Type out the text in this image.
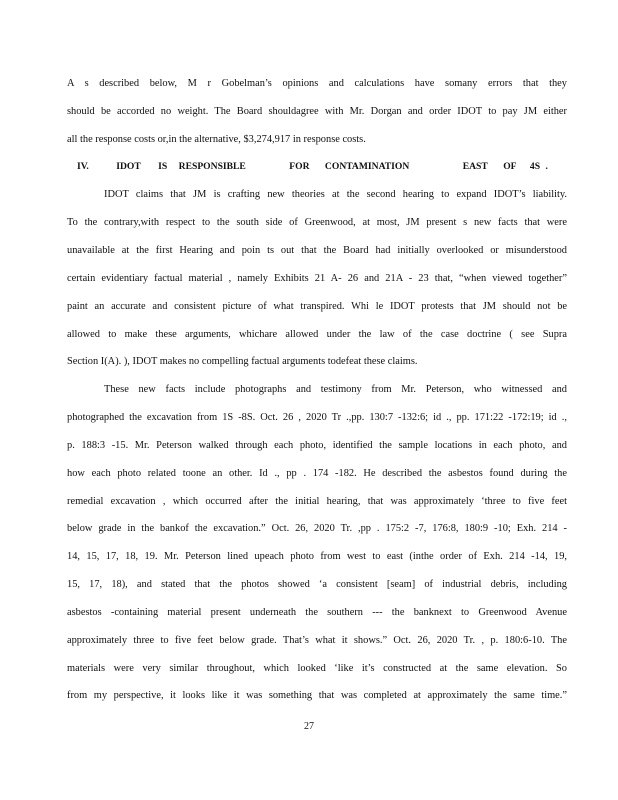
A s described below, M r Gobelman’s opinions and calculations have somany errors that they
should be accorded no weight. The Board shouldagree with Mr. Dorgan and order IDOT to pay JM either
all the response costs or,in the alternative, $3,274,917 in response costs.
IV.	IDOT IS RESPONSIBLE	FOR CONTAMINATION	EAST OF 4S .
IDOT claims that JM is crafting new theories at the second hearing to expand IDOT’s liability.
To the contrary,with respect to the south side of Greenwood, at most, JM present s new facts that were
unavailable at the first Hearing and poin ts out that the Board had initially overlooked or misunderstood
certain evidentiary factual material , namely Exhibits 21 A- 26 and 21A - 23 that, “when viewed together”
paint an accurate and consistent picture of what transpired. Whi le IDOT protests that JM should not be
allowed to make these arguments, whichare allowed under the law of the case doctrine ( see Supra
Section I(A). ), IDOT makes no compelling factual arguments todefeat these claims.
These new facts include photographs and testimony from Mr. Peterson, who witnessed and
photographed the excavation from 1S -8S. Oct. 26 , 2020 Tr .,pp. 130:7 -132:6; id ., pp. 171:22 -172:19; id .,
p. 188:3 -15. Mr. Peterson walked through each photo, identified the sample locations in each photo, and
how each photo related toone an other. Id ., pp . 174 -182. He described the asbestos found during the
remedial excavation , which occurred after the initial hearing, that was approximately ‘three to five feet
below grade in the bankof the excavation.” Oct. 26, 2020 Tr. ,pp . 175:2 -7, 176:8, 180:9 -10; Exh. 214 -
14, 15, 17, 18, 19. Mr. Peterson lined upeach photo from west to east (inthe order of Exh. 214 -14, 19,
15, 17, 18), and stated that the photos showed ‘a consistent [seam] of industrial debris, including
asbestos -containing material present underneath the southern --- the banknext to Greenwood Avenue
approximately three to five feet below grade. That’s what it shows.” Oct. 26, 2020 Tr. , p. 180:6-10. The
materials were very similar throughout, which looked ‘like it’s constructed at the same elevation. So
from my perspective, it looks like it was something that was completed at approximately the same time.”
27
